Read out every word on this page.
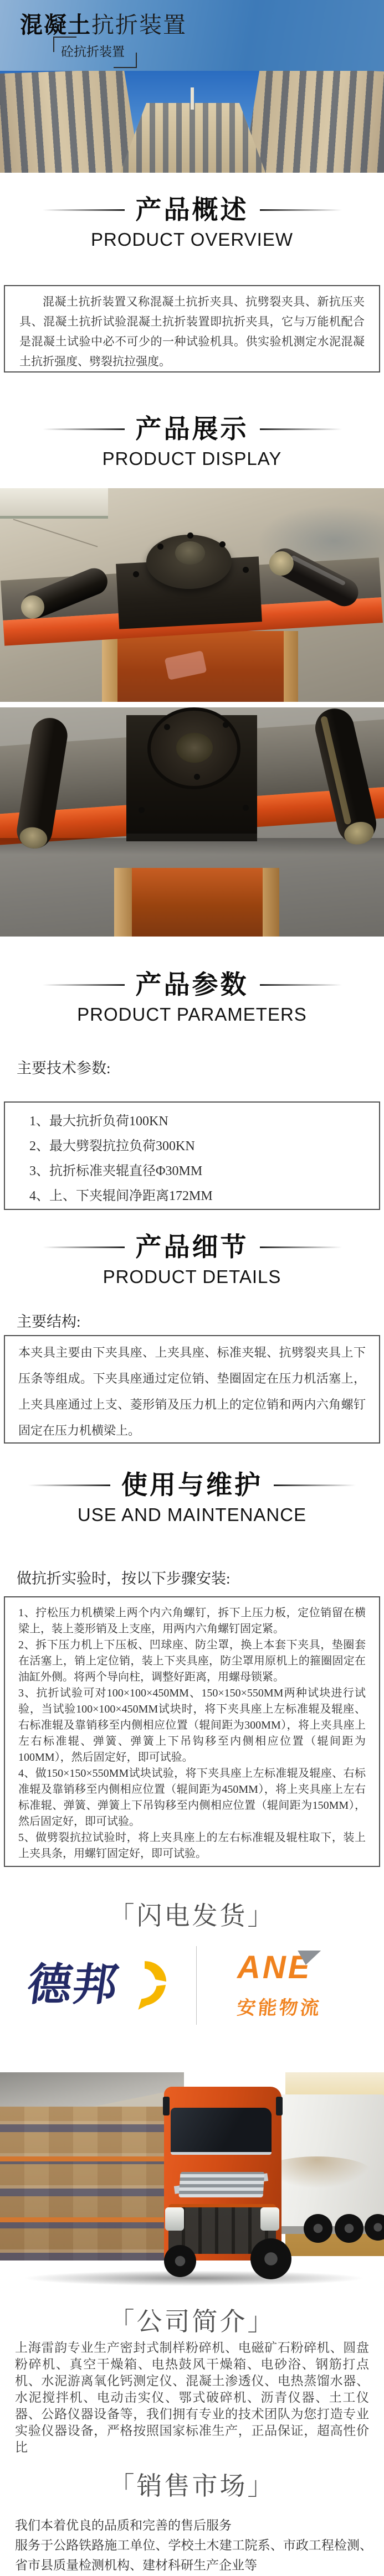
混凝土抗折装置
砼抗折装置
产品概述
PRODUCT OVERVIEW

混凝土抗折装置又称混凝土抗折夹具、抗劈裂夹具、新抗压夹具、混凝土抗折试验混凝土抗折装置即抗折夹具，它与万能机配合是混凝土试验中必不可少的一种试验机具。供实验机测定水泥混凝土抗折强度、劈裂抗拉强度。

产品展示
PRODUCT DISPLAY
产品参数
PRODUCT PARAMETERS
主要技术参数:
1、最大抗折负荷100KN
2、最大劈裂抗拉负荷300KN
3、抗折标准夹辊直径Φ30MM
4、上、下夹辊间净距离172MM
产品细节
PRODUCT DETAILS
主要结构:

本夹具主要由下夹具座、上夹具座、标准夹辊、抗劈裂夹具上下压条等组成。下夹具座通过定位销、垫圈固定在压力机活塞上，上夹具座通过上支、菱形销及压力机上的定位销和两内六角螺钉固定在压力机横梁上。

使用与维护
USE AND MAINTENANCE
做抗折实验时，按以下步骤安装:

1、拧松压力机横梁上两个内六角螺钉，拆下上压力板，定位销留在横梁上，装上菱形销及上支座，用两内六角螺钉固定紧。

2、拆下压力机上下压板、凹球座、防尘罩，换上本套下夹具，垫圈套在活塞上，销上定位销，装上下夹具座，防尘罩用原机上的箍圈固定在油缸外侧。将两个导向柱，调整好距离，用螺母锁紧。

3、抗折试验可对100×100×450MM、150×150×550MM两种试块进行试验，当试验100×100×450MM试块时，将下夹具座上左标准辊及辊座、右标准辊及靠销移至内侧相应位置（辊间距为300MM），将上夹具座上左右标准辊、弹簧、弹簧上下吊钩移至内侧相应位置（辊间距为100MM），然后固定好，即可试验。

4、做150×150×550MM试块试验，将下夹具座上左标准辊及辊座、右标准辊及靠销移至内侧相应位置（辊间距为450MM），将上夹具座上左右标准辊、弹簧、弹簧上下吊钩移至内侧相应位置（辊间距为150MM），然后固定好，即可试验。

5、做劈裂抗拉试验时，将上夹具座上的左右标准辊及辊柱取下，装上上夹具条，用螺钉固定好，即可试验。

「闪电发货」
德邦	ANE
安能物流
「公司简介」
上海雷韵专业生产密封式制样粉碎机、电磁矿石粉碎机、圆盘粉碎机、真空干燥箱、电热鼓风干燥箱、电砂浴、钢筋打点机、水泥游离氧化钙测定仪、混凝土渗透仪、电热蒸馏水器、水泥搅拌机、电动击实仪、鄂式破碎机、沥青仪器、土工仪器、公路仪器设备等，我们拥有专业的技术团队为您打造专业实验仪器设备，严格按照国家标准生产，正品保证，超高性价比
「销售市场」

我们本着优良的品质和完善的售后服务

服务于公路铁路施工单位、学校土木建工院系、市政工程检测、省市县质量检测机构、建材科研生产企业等
